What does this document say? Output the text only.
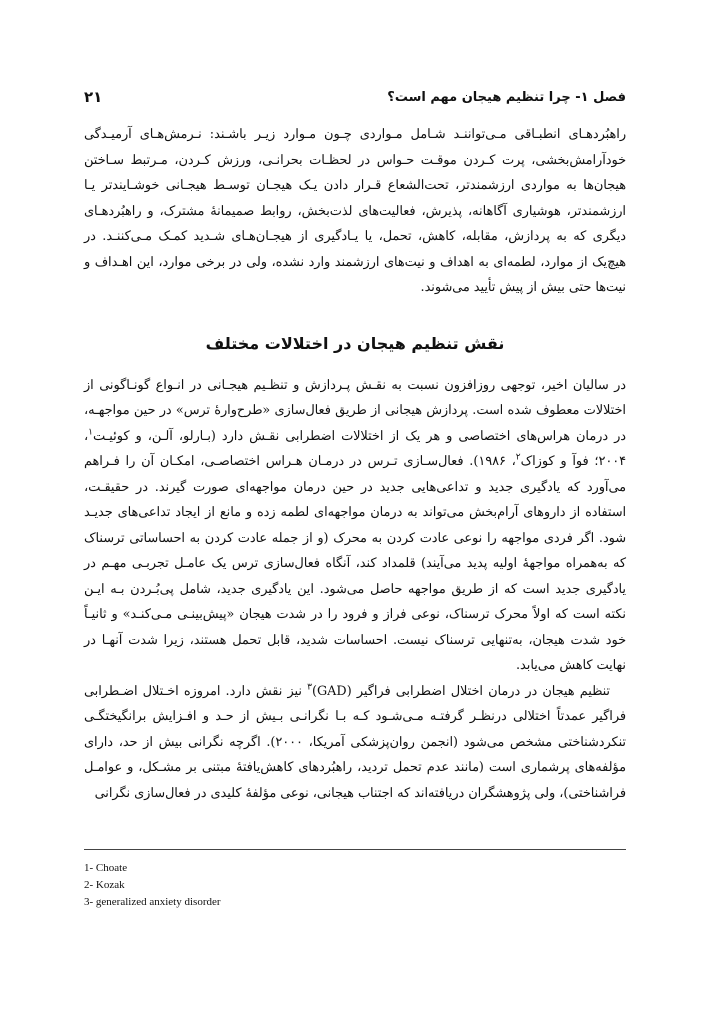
فصل ۱- چرا تنظیم هیجان مهم است؟
۲۱

راهبُردهـای انطبـاقی مـی‌تواننـد شـامل مـواردی چـون مـوارد زیـر باشـند: نـرمش‌هـای آرمیـدگی خودآرامش‌بخشی، پرت کـردن موقـت حـواس در لحظـات بحرانـی، ورزش کـردن، مـرتبط سـاختن هیجان‌ها به مواردی ارزشمندتر، تحت‌الشعاع قـرار دادن یـک هیجـان توسـط هیجـانی خوشـایندتر یـا ارزشمندتر، هوشیاری آگاهانه، پذیرش، فعالیت‌های لذت‌بخش، روابط صمیمانهٔ مشترک، و راهبُردهـای دیگری که به پردازش، مقابله، کاهش، تحمل، یا یـادگیری از هیجـان‌هـای شـدید کمـک مـی‌کننـد. در هیچ‌یک از موارد، لطمه‌ای به اهداف و نیت‌های ارزشمند وارد نشده، ولی در برخی موارد، این اهـداف و نیت‌ها حتی بیش از پیش تأیید می‌شوند.

نقش تنظیم هیجان در اختلالات مختلف

در سالیان اخیر، توجهی روزافزون نسبت به نقـش پـردازش و تنظـیم هیجـانی در انـواع گونـاگونی از اختلالات معطوف شده است. پردازش هیجانی از طریق فعال‌سازی «طرح‌وارهٔ ترس» در حین مواجهـه، در درمان هراس‌های اختصاصی و هر یک از اختلالات اضطرابی نقـش دارد (بـارلو، آلـن، و کوئیـت$^۱$، ۲۰۰۴؛ فوآ و کوزاک$^۲$، ۱۹۸۶). فعال‌سـازی تـرس در درمـان هـراس اختصاصـی، امکـان آن را فـراهم می‌آورد که یادگیری جدید و تداعی‌هایی جدید در حین درمان مواجهه‌ای صورت گیرند. در حقیقـت، استفاده از داروهای آرام‌بخش می‌تواند به درمان مواجهه‌ای لطمه زده و مانع از ایجاد تداعی‌های جدیـد شود. اگر فردی مواجهه را نوعی عادت کردن به محرک (و از جمله عادت کردن به احساساتی ترسناک که به‌همراه مواجههٔ اولیه پدید می‌آیند) قلمداد کند، آنگاه فعال‌سازی ترس یک عامـل تجربـی مهـم در یادگیری جدید است که از طریق مواجهه حاصل می‌شود. این یادگیری جدید، شامل پی‌بُـردن بـه ایـن نکته است که اولاً محرک ترسناک، نوعی فراز و فرود را در شدت هیجان «پیش‌بینـی مـی‌کنـد» و ثانیـاً خود شدت هیجان، به‌تنهایی ترسناک نیست. احساسات شدید، قابل تحمل هستند، زیرا شدت آنهـا در نهایت کاهش می‌یابد.

تنظیم هیجان در درمان اختلال اضطرابی فراگیر (GAD)$^۳$ نیز نقش دارد. امروزه اخـتلال اضـطرابی فراگیر عمدتاً اختلالی درنظـر گرفتـه مـی‌شـود کـه بـا نگرانـی بـیش از حـد و افـزایش برانگیختگـی تنکردشناختی مشخص می‌شود (انجمن روان‌پزشکی آمریکا، ۲۰۰۰). اگرچه نگرانی بیش از حد، دارای مؤلفه‌های پرشماری است (مانند عدم تحمل تردید، راهبُردهای کاهش‌یافتهٔ مبتنی بر مشـکل، و عوامـل فراشناختی)، ولی پژوهشگران دریافته‌اند که اجتناب هیجانی، نوعی مؤلفهٔ کلیدی در فعال‌سازی نگرانی

1- Choate
2- Kozak
3- generalized anxiety disorder
